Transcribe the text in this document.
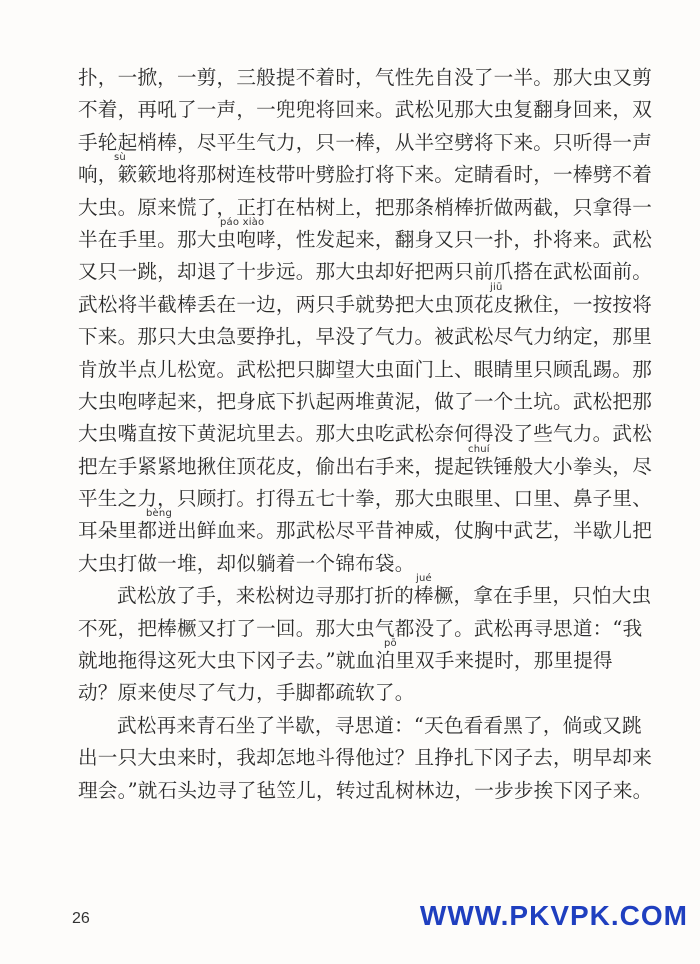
扑，一掀，一剪，三般提不着时，气性先自没了一半。那大虫又剪
不着，再吼了一声，一兜兜将回来。武松见那大虫复翻身回来，双
手轮起梢棒，尽平生气力，只一棒，从半空劈将下来。只听得一声
sù
响，簌簌地将那树连枝带叶劈脸打将下来。定睛看时，一棒劈不着
大虫。原来慌了，正打在枯树上，把那条梢棒折做两截，只拿得一
páo xiào
半在手里。那大虫咆哮，性发起来，翻身又只一扑，扑将来。武松
又只一跳，却退了十步远。那大虫却好把两只前爪搭在武松面前。
jiū
武松将半截棒丢在一边，两只手就势把大虫顶花皮揪住，一按按将
下来。那只大虫急要挣扎，早没了气力。被武松尽气力纳定，那里
肯放半点儿松宽。武松把只脚望大虫面门上、眼睛里只顾乱踢。那
大虫咆哮起来，把身底下扒起两堆黄泥，做了一个土坑。武松把那
大虫嘴直按下黄泥坑里去。那大虫吃武松奈何得没了些气力。武松
chuí
把左手紧紧地揪住顶花皮，偷出右手来，提起铁锤般大小拳头，尽
平生之力，只顾打。打得五七十拳，那大虫眼里、口里、鼻子里、
bèng
耳朵里都迸出鲜血来。那武松尽平昔神威，仗胸中武艺，半歇儿把
大虫打做一堆，却似躺着一个锦布袋。
jué
武松放了手，来松树边寻那打折的棒橛，拿在手里，只怕大虫
不死，把棒橛又打了一回。那大虫气都没了。武松再寻思道：“我
pō
就地拖得这死大虫下冈子去。”就血泊里双手来提时，那里提得
动？原来使尽了气力，手脚都疏软了。
武松再来青石坐了半歇，寻思道：“天色看看黑了，倘或又跳
出一只大虫来时，我却怎地斗得他过？且挣扎下冈子去，明早却来
理会。”就石头边寻了毡笠儿，转过乱树林边，一步步挨下冈子来。
26	WWW.PKVPK.COM
